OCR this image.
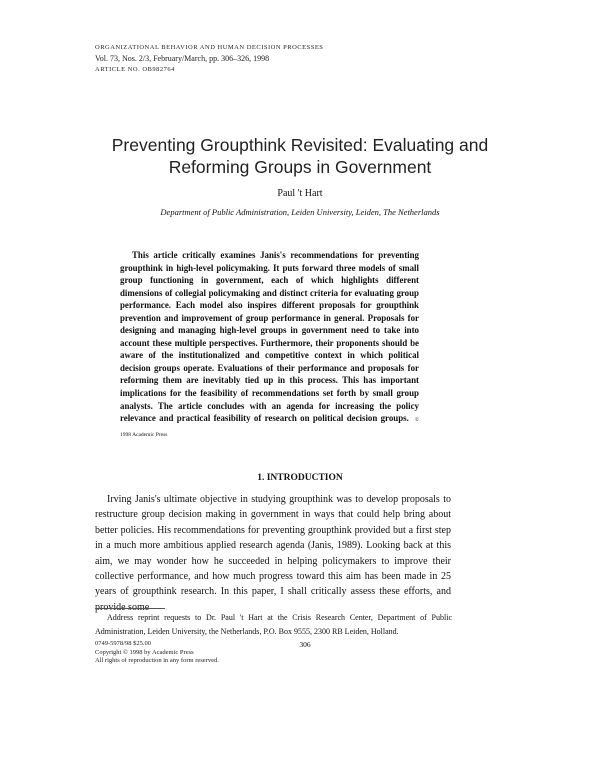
ORGANIZATIONAL BEHAVIOR AND HUMAN DECISION PROCESSES
Vol. 73, Nos. 2/3, February/March, pp. 306–326, 1998
ARTICLE NO. OB982764
Preventing Groupthink Revisited: Evaluating and
Reforming Groups in Government
Paul 't Hart
Department of Public Administration, Leiden University, Leiden, The Netherlands
This article critically examines Janis's recommendations for preventing groupthink in high-level policymaking. It puts forward three models of small group functioning in government, each of which highlights different dimensions of collegial policymaking and distinct criteria for evaluating group performance. Each model also inspires different proposals for groupthink prevention and improvement of group performance in general. Proposals for designing and managing high-level groups in government need to take into account these multiple perspectives. Furthermore, their proponents should be aware of the institutionalized and competitive context in which political decision groups operate. Evaluations of their performance and proposals for reforming them are inevitably tied up in this process. This has important implications for the feasibility of recommendations set forth by small group analysts. The article concludes with an agenda for increasing the policy relevance and practical feasibility of research on political decision groups. © 1998 Academic Press
1. INTRODUCTION
Irving Janis's ultimate objective in studying groupthink was to develop proposals to restructure group decision making in government in ways that could help bring about better policies. His recommendations for preventing groupthink provided but a first step in a much more ambitious applied research agenda (Janis, 1989). Looking back at this aim, we may wonder how he succeeded in helping policymakers to improve their collective performance, and how much progress toward this aim has been made in 25 years of groupthink research. In this paper, I shall critically assess these efforts, and provide some
Address reprint requests to Dr. Paul 't Hart at the Crisis Research Center, Department of Public Administration, Leiden University, the Netherlands, P.O. Box 9555, 2300 RB Leiden, Holland.
0749-5978/98 $25.00
Copyright © 1998 by Academic Press
All rights of reproduction in any form reserved.
306
